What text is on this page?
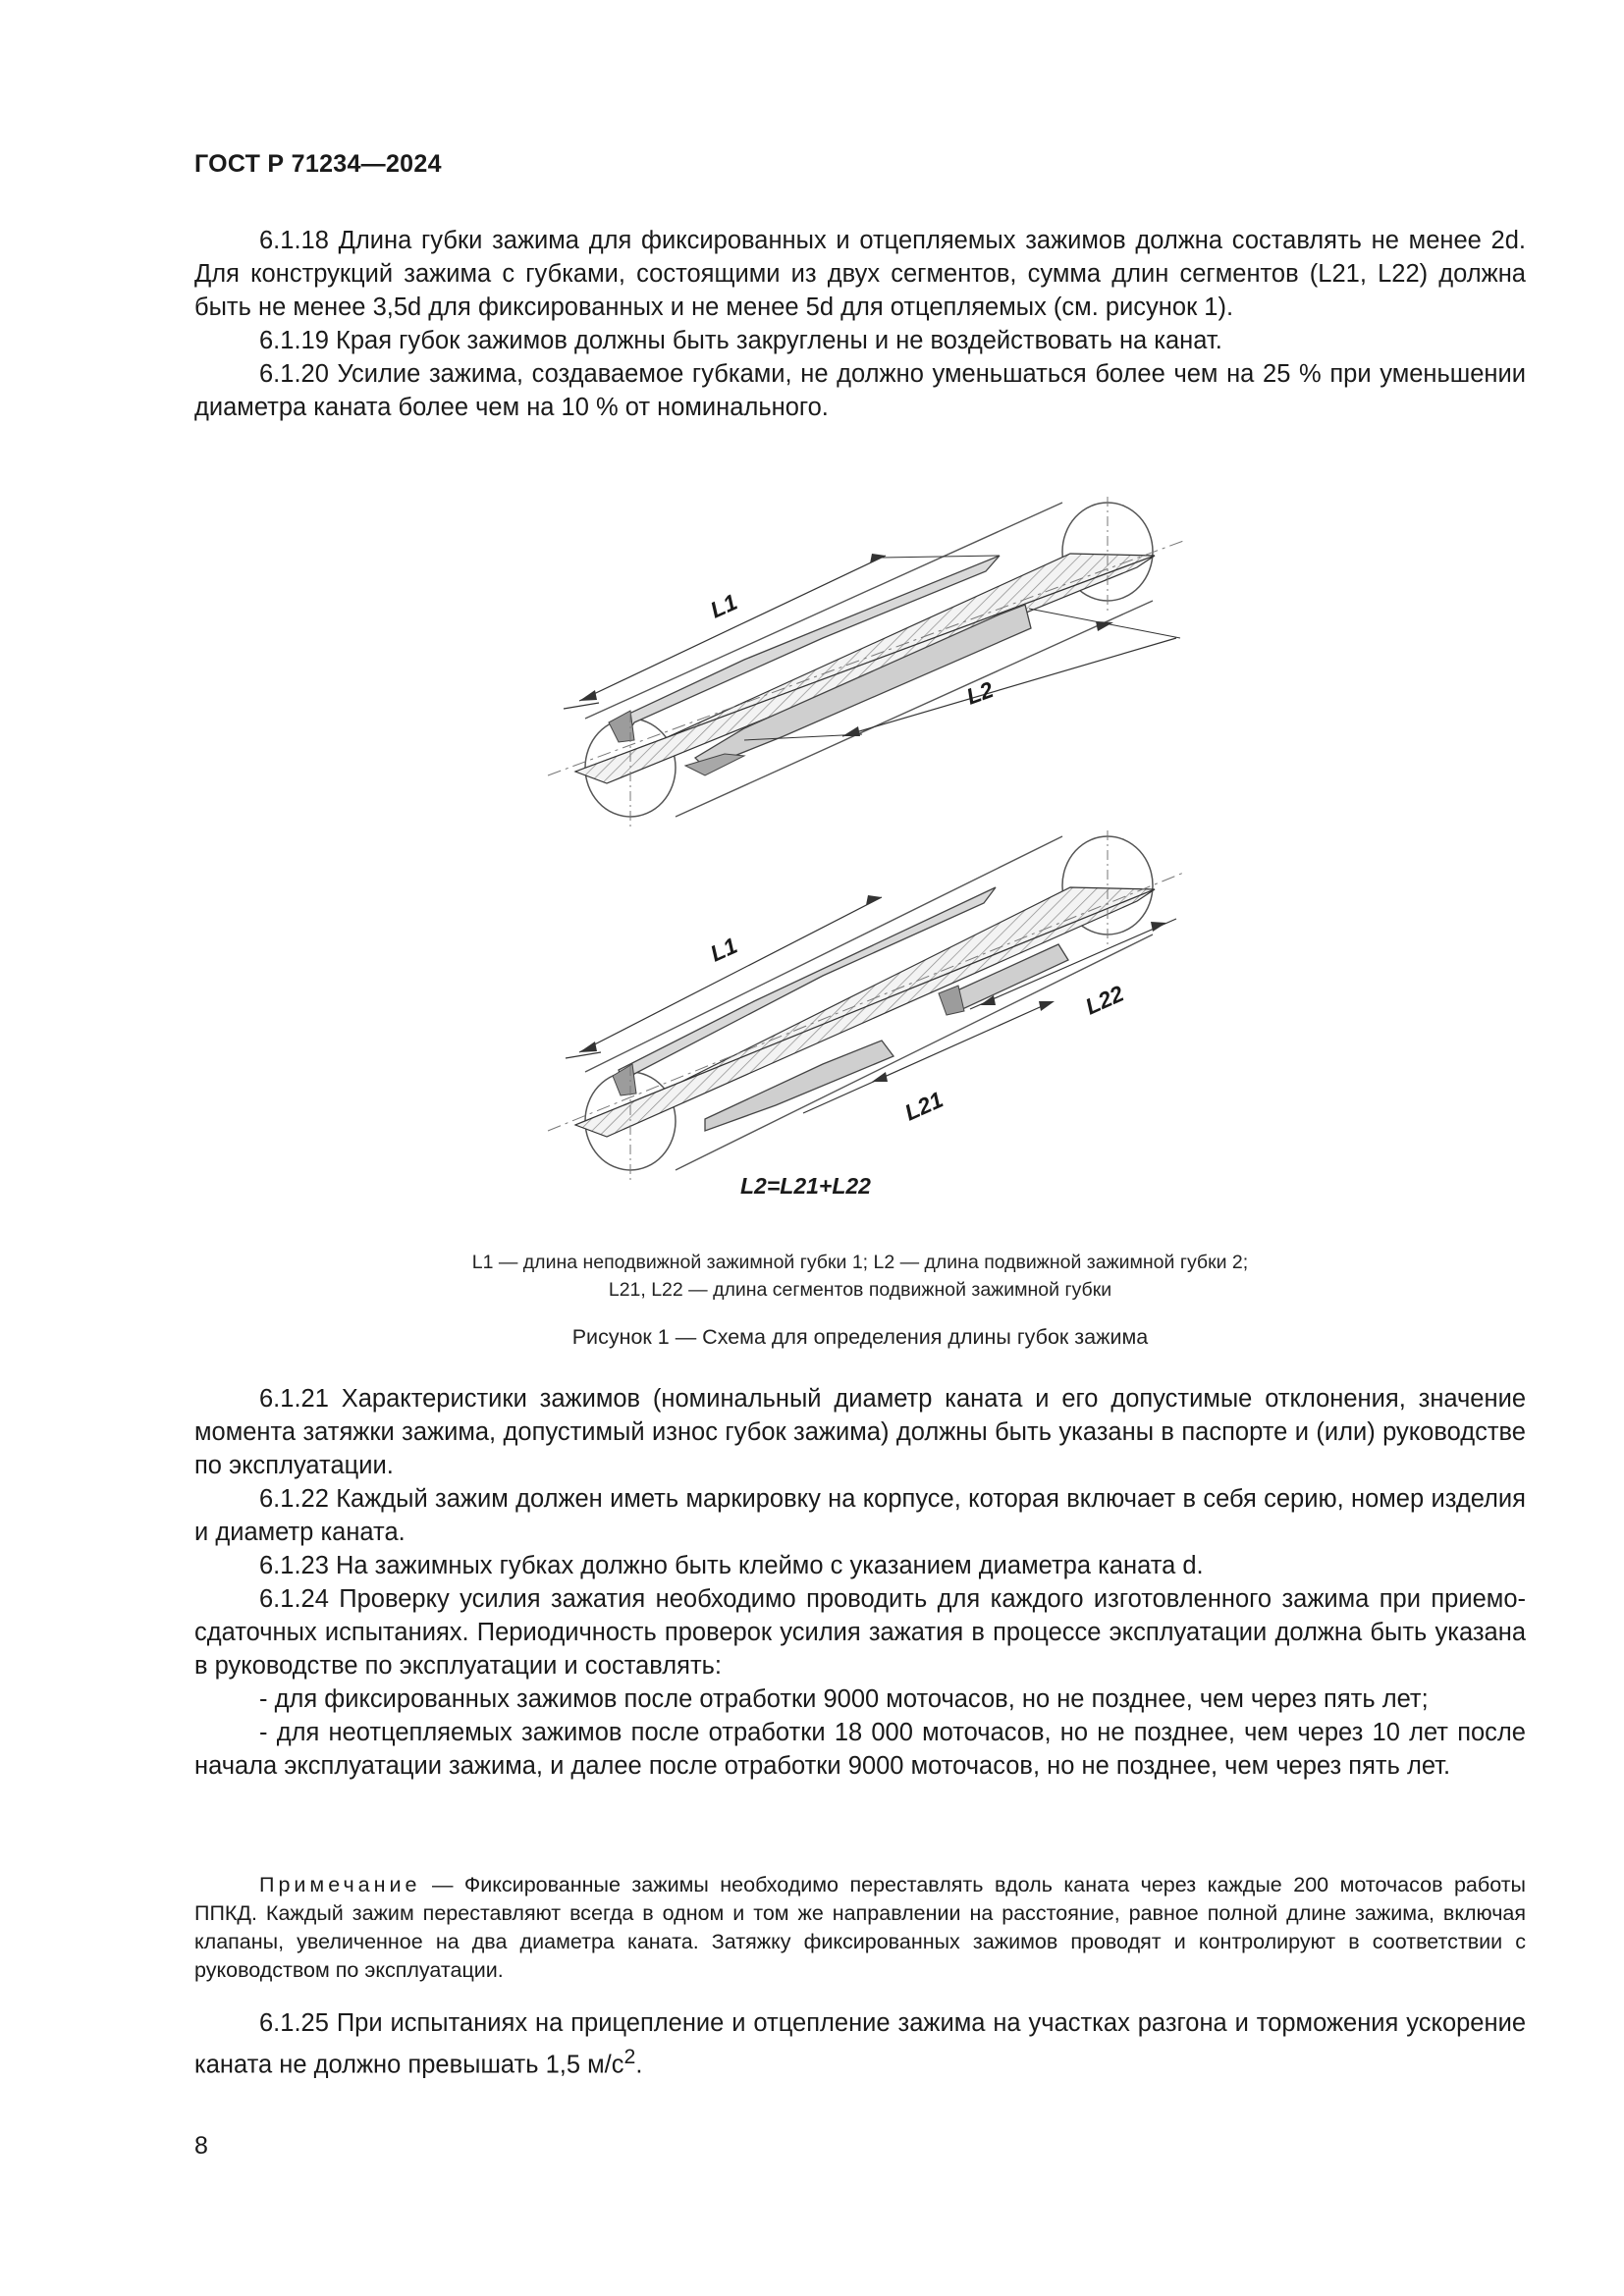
ГОСТ Р 71234—2024

6.1.18 Длина губки зажима для фиксированных и отцепляемых зажимов должна составлять не менее 2d. Для конструкций зажима с губками, состоящими из двух сегментов, сумма длин сегментов (L21, L22) должна быть не менее 3,5d для фиксированных и не менее 5d для отцепляемых (см. рисунок 1).

6.1.19 Края губок зажимов должны быть закруглены и не воздействовать на канат.

6.1.20 Усилие зажима, создаваемое губками, не должно уменьшаться более чем на 25 % при уменьшении диаметра каната более чем на 10 % от номинального.

L1
L2
L1
L22
L21
L2=L21+L22
L1 — длина неподвижной зажимной губки 1; L2 — длина подвижной зажимной губки 2;
L21, L22 — длина сегментов подвижной зажимной губки
Рисунок 1 — Схема для определения длины губок зажима

6.1.21 Характеристики зажимов (номинальный диаметр каната и его допустимые отклонения, значение момента затяжки зажима, допустимый износ губок зажима) должны быть указаны в паспорте и (или) руководстве по эксплуатации.

6.1.22 Каждый зажим должен иметь маркировку на корпусе, которая включает в себя серию, номер изделия и диаметр каната.

6.1.23 На зажимных губках должно быть клеймо с указанием диаметра каната d.

6.1.24 Проверку усилия зажатия необходимо проводить для каждого изготовленного зажима при приемо-сдаточных испытаниях. Периодичность проверок усилия зажатия в процессе эксплуатации должна быть указана в руководстве по эксплуатации и составлять:

- для фиксированных зажимов после отработки 9000 моточасов, но не позднее, чем через пять лет;

- для неотцепляемых зажимов после отработки 18 000 моточасов, но не позднее, чем через 10 лет после начала эксплуатации зажима, и далее после отработки 9000 моточасов, но не позднее, чем через пять лет.

Примечание — Фиксированные зажимы необходимо переставлять вдоль каната через каждые 200 моточасов работы ППКД. Каждый зажим переставляют всегда в одном и том же направлении на расстояние, равное полной длине зажима, включая клапаны, увеличенное на два диаметра каната. Затяжку фиксированных зажимов проводят и контролируют в соответствии с руководством по эксплуатации.

6.1.25 При испытаниях на прицепление и отцепление зажима на участках разгона и торможения ускорение каната не должно превышать 1,5 $м/с^2$.

8
